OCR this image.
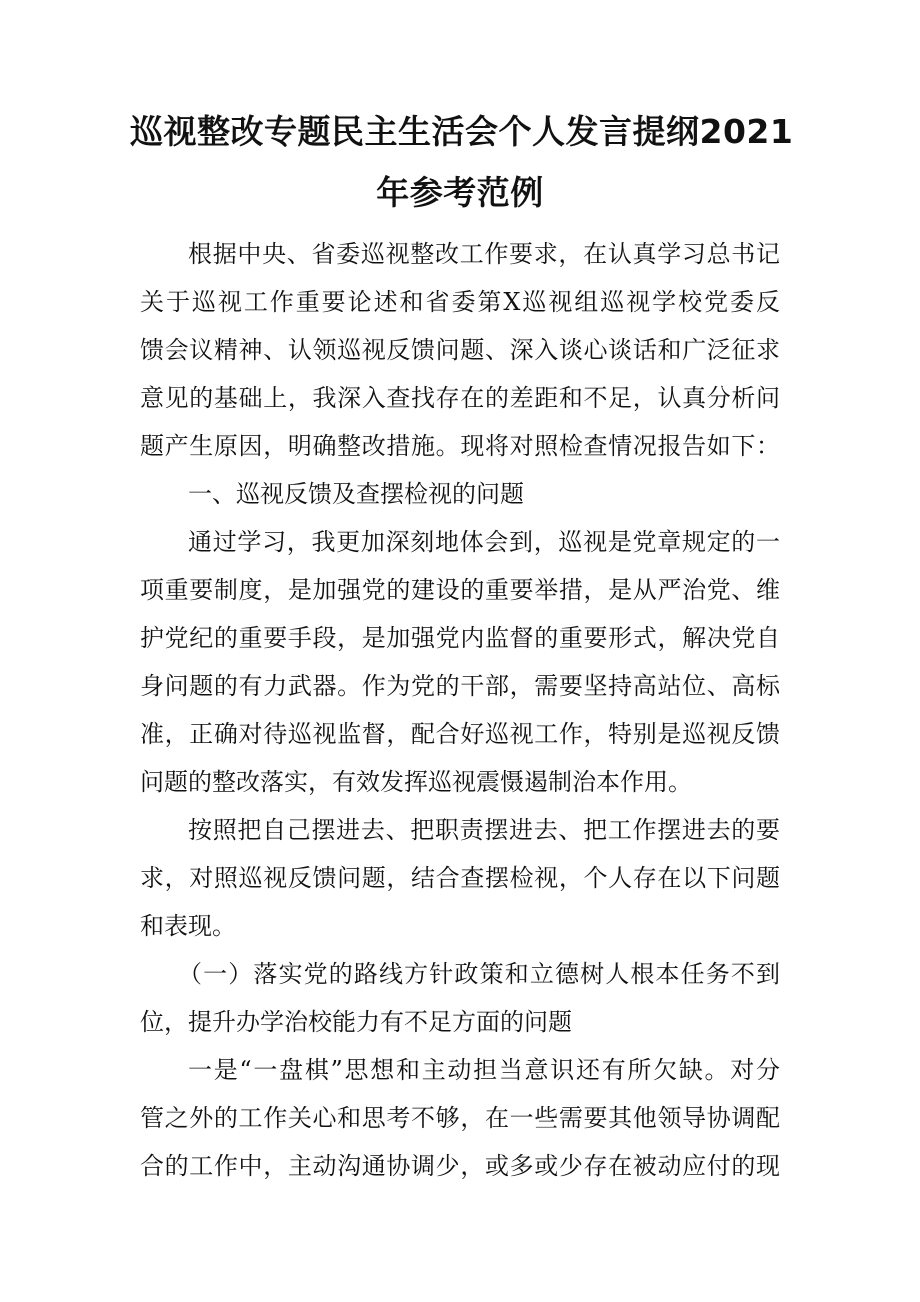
巡视整改专题民主生活会个人发言提纲2021
年参考范例
根据中央、省委巡视整改工作要求，在认真学习总书记
关于巡视工作重要论述和省委第X巡视组巡视学校党委反
馈会议精神、认领巡视反馈问题、深入谈心谈话和广泛征求
意见的基础上，我深入查找存在的差距和不足，认真分析问
题产生原因，明确整改措施。现将对照检查情况报告如下：
一、巡视反馈及查摆检视的问题
通过学习，我更加深刻地体会到，巡视是党章规定的一
项重要制度，是加强党的建设的重要举措，是从严治党、维
护党纪的重要手段，是加强党内监督的重要形式，解决党自
身问题的有力武器。作为党的干部，需要坚持高站位、高标
准，正确对待巡视监督，配合好巡视工作，特别是巡视反馈
问题的整改落实，有效发挥巡视震慑遏制治本作用。
按照把自己摆进去、把职责摆进去、把工作摆进去的要
求，对照巡视反馈问题，结合查摆检视，个人存在以下问题
和表现。
（一）落实党的路线方针政策和立德树人根本任务不到
位，提升办学治校能力有不足方面的问题
一是“一盘棋”思想和主动担当意识还有所欠缺。对分
管之外的工作关心和思考不够，在一些需要其他领导协调配
合的工作中，主动沟通协调少，或多或少存在被动应付的现
